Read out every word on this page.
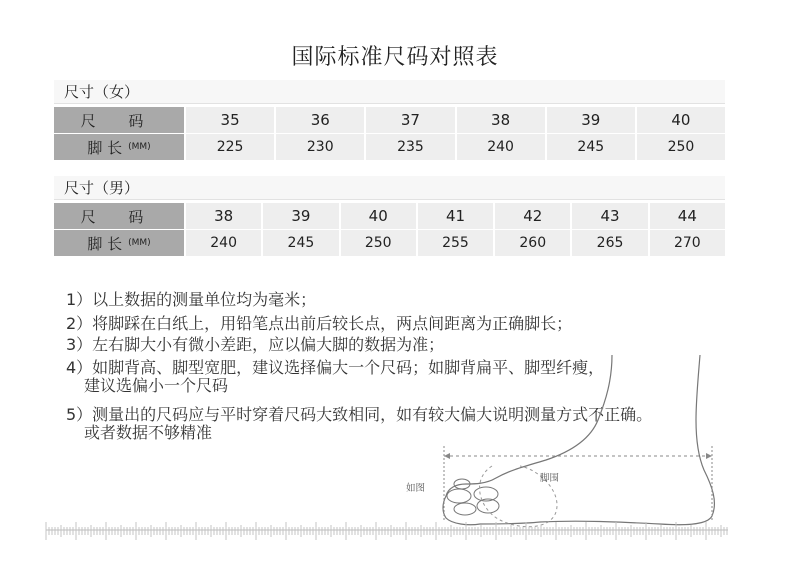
国际标准尺码对照表
尺寸（女）
尺 码	35	36	37	38	39	40
脚 长 (MM)	225	230	235	240	245	250
尺寸（男）
尺 码	38	39	40	41	42	43	44
脚 长 (MM)	240	245	250	255	260	265	270
1）以上数据的测量单位均为毫米；
2）将脚踩在白纸上，用铅笔点出前后较长点，两点间距离为正确脚长；
3）左右脚大小有微小差距，应以偏大脚的数据为准；
4）如脚背高、脚型宽肥，建议选择偏大一个尺码；如脚背扁平、脚型纤瘦，
建议选偏小一个尺码
5）测量出的尺码应与平时穿着尺码大致相同，如有较大偏大说明测量方式不正确。
或者数据不够精准
脚围
如图
